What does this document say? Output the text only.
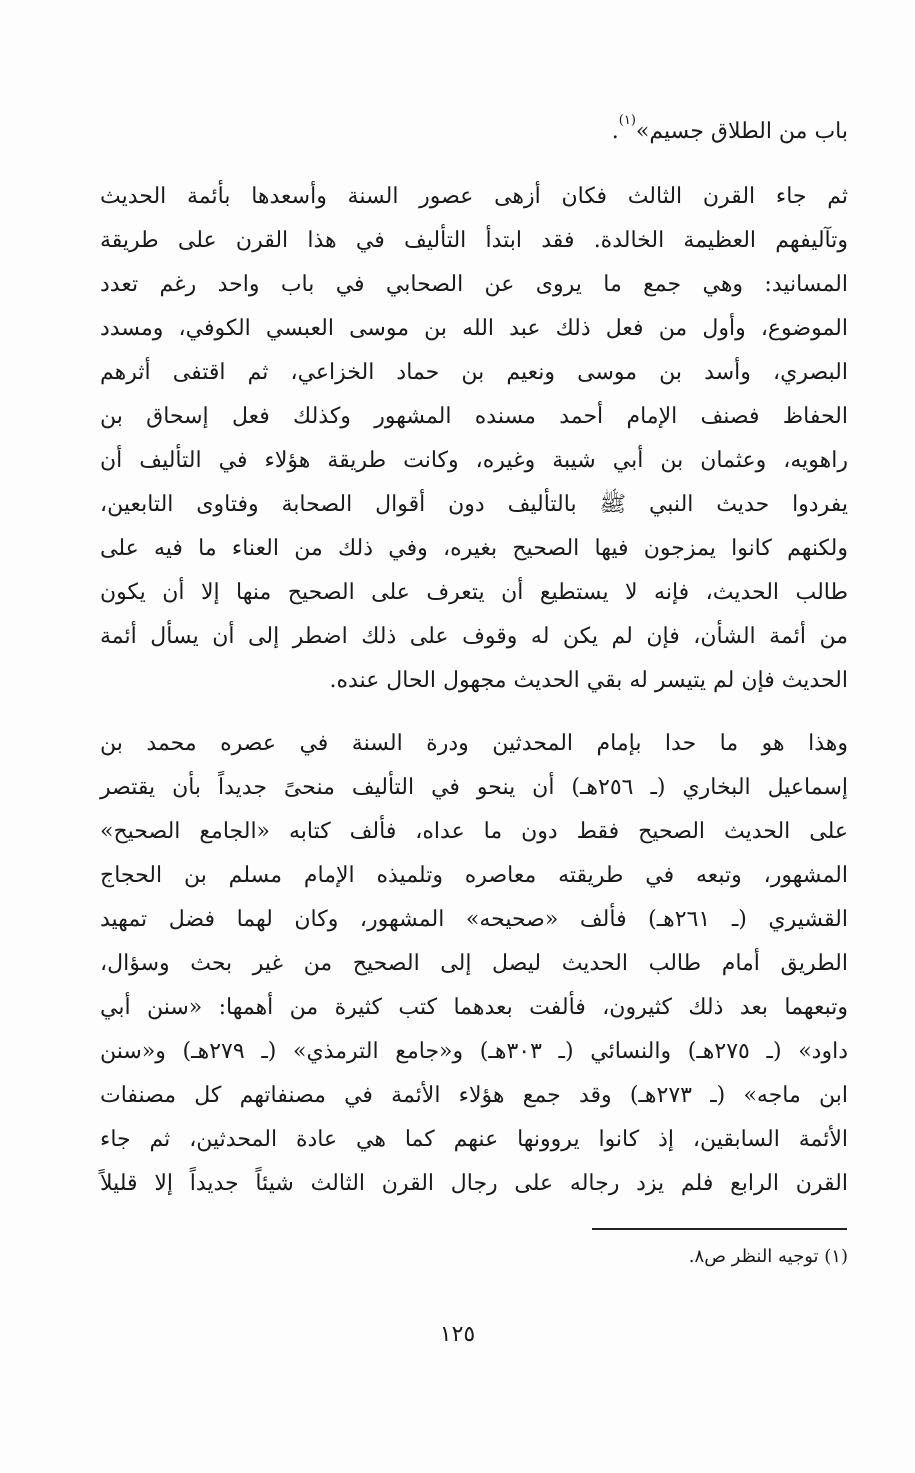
باب من الطلاق جسيم»$^{(١)}$.
ثم جاء القرن الثالث فكان أزهى عصور السنة وأسعدها بأئمة الحديث
وتآليفهم العظيمة الخالدة. فقد ابتدأ التأليف في هذا القرن على طريقة
المسانيد: وهي جمع ما يروى عن الصحابي في باب واحد رغم تعدد
الموضوع، وأول من فعل ذلك عبد الله بن موسى العبسي الكوفي، ومسدد
البصري، وأسد بن موسى ونعيم بن حماد الخزاعي، ثم اقتفى أثرهم
الحفاظ فصنف الإمام أحمد مسنده المشهور وكذلك فعل إسحاق بن
راهويه، وعثمان بن أبي شيبة وغيره، وكانت طريقة هؤلاء في التأليف أن
يفردوا حديث النبي ﷺ بالتأليف دون أقوال الصحابة وفتاوى التابعين،
ولكنهم كانوا يمزجون فيها الصحيح بغيره، وفي ذلك من العناء ما فيه على
طالب الحديث، فإنه لا يستطيع أن يتعرف على الصحيح منها إلا أن يكون
من أئمة الشأن، فإن لم يكن له وقوف على ذلك اضطر إلى أن يسأل أئمة
الحديث فإن لم يتيسر له بقي الحديث مجهول الحال عنده.
وهذا هو ما حدا بإمام المحدثين ودرة السنة في عصره محمد بن
إسماعيل البخاري (ـ ٢٥٦هـ) أن ينحو في التأليف منحىً جديداً بأن يقتصر
على الحديث الصحيح فقط دون ما عداه، فألف كتابه «الجامع الصحيح»
المشهور، وتبعه في طريقته معاصره وتلميذه الإمام مسلم بن الحجاج
القشيري (ـ ٢٦١هـ) فألف «صحيحه» المشهور، وكان لهما فضل تمهيد
الطريق أمام طالب الحديث ليصل إلى الصحيح من غير بحث وسؤال،
وتبعهما بعد ذلك كثيرون، فألفت بعدهما كتب كثيرة من أهمها: «سنن أبي
داود» (ـ ٢٧٥هـ) والنسائي (ـ ٣٠٣هـ) و«جامع الترمذي» (ـ ٢٧٩هـ) و«سنن
ابن ماجه» (ـ ٢٧٣هـ) وقد جمع هؤلاء الأئمة في مصنفاتهم كل مصنفات
الأئمة السابقين، إذ كانوا يروونها عنهم كما هي عادة المحدثين، ثم جاء
القرن الرابع فلم يزد رجاله على رجال القرن الثالث شيئاً جديداً إلا قليلاً
(١) توجيه النظر ص٨.
١٢٥
